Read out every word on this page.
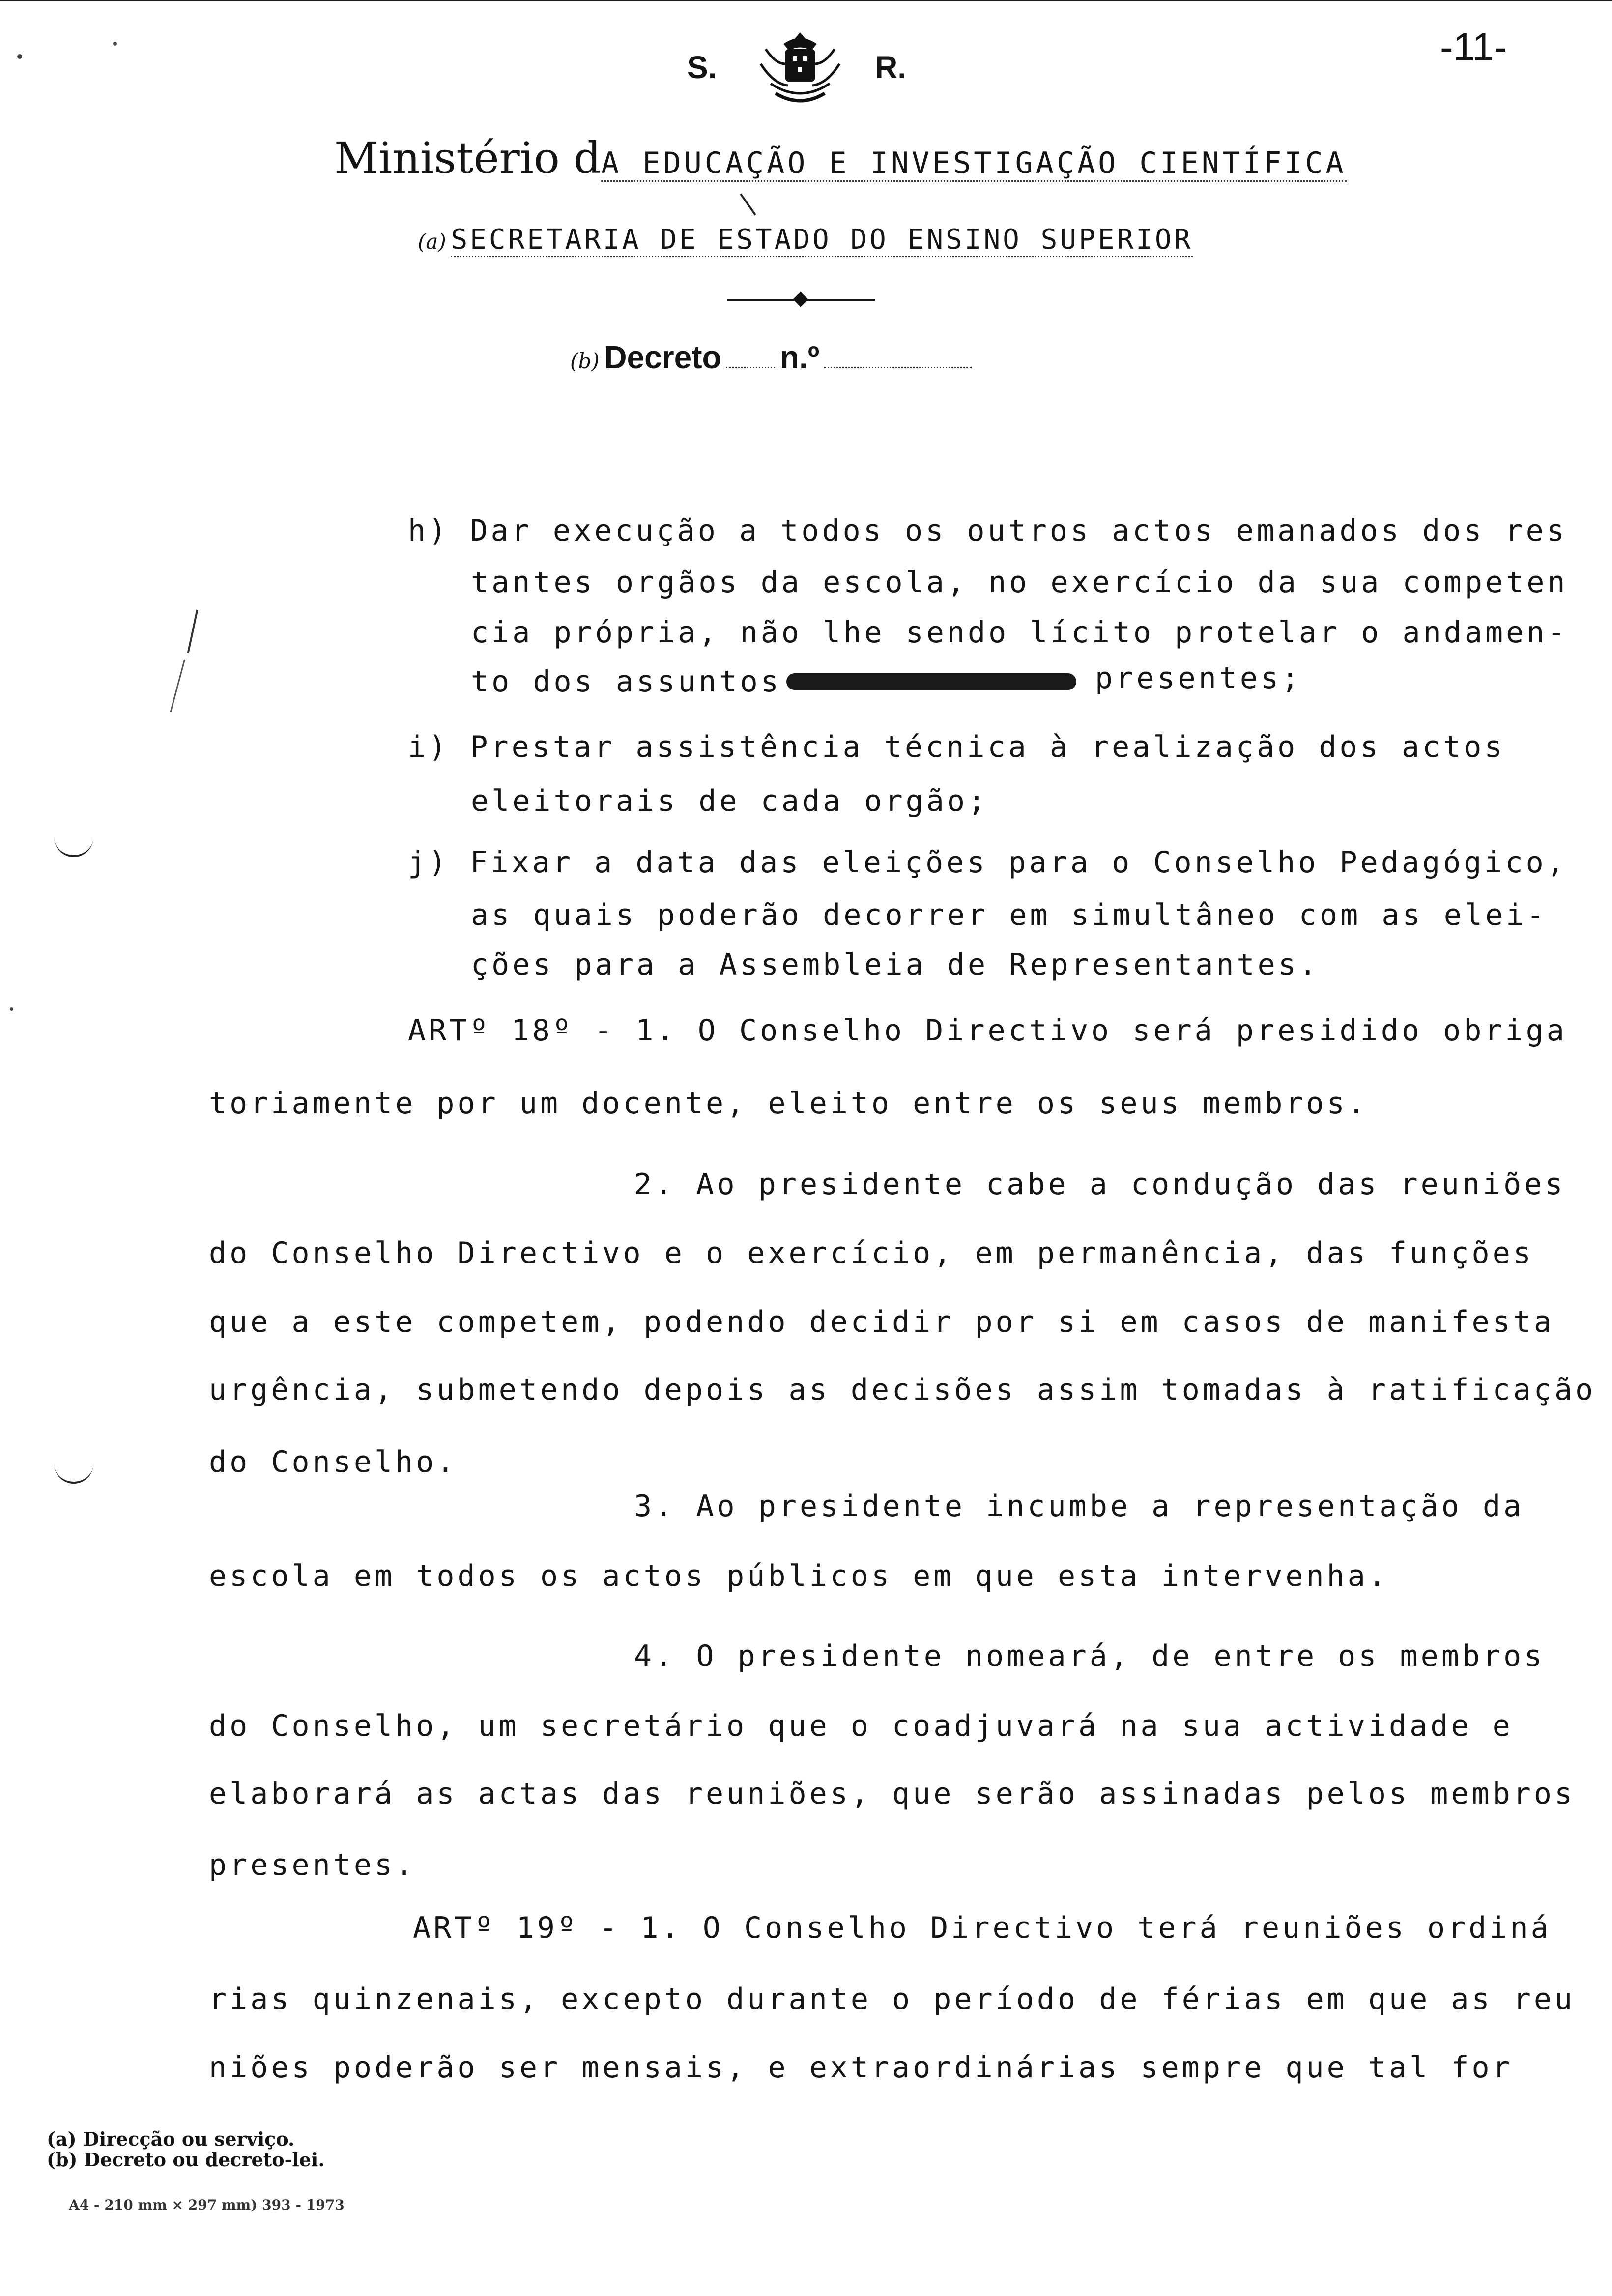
S.	R.	-11-
Ministério dA EDUCAÇÃO E INVESTIGAÇÃO CIENTÍFICA
(a) SECRETARIA DE ESTADO DO ENSINO SUPERIOR
(b) Decreto n.º
h) Dar execução a todos os outros actos emanados dos res
tantes orgãos da escola, no exercício da sua competen
cia própria, não lhe sendo lícito protelar o andamen-
to dos assuntos	presentes;
i) Prestar assistência técnica à realização dos actos
eleitorais de cada orgão;
j) Fixar a data das eleições para o Conselho Pedagógico,
as quais poderão decorrer em simultâneo com as elei-
ções para a Assembleia de Representantes.
ARTº 18º - 1. O Conselho Directivo será presidido obriga
toriamente por um docente, eleito entre os seus membros.
2. Ao presidente cabe a condução das reuniões
do Conselho Directivo e o exercício, em permanência, das funções
que a este competem, podendo decidir por si em casos de manifesta
urgência, submetendo depois as decisões assim tomadas à ratificação
do Conselho.
3. Ao presidente incumbe a representação da
escola em todos os actos públicos em que esta intervenha.
4. O presidente nomeará, de entre os membros
do Conselho, um secretário que o coadjuvará na sua actividade e
elaborará as actas das reuniões, que serão assinadas pelos membros
presentes.
ARTº 19º - 1. O Conselho Directivo terá reuniões ordiná
rias quinzenais, excepto durante o período de férias em que as reu
niões poderão ser mensais, e extraordinárias sempre que tal for
(a) Direcção ou serviço.
(b) Decreto ou decreto-lei.
A4 - 210 mm × 297 mm) 393 - 1973
